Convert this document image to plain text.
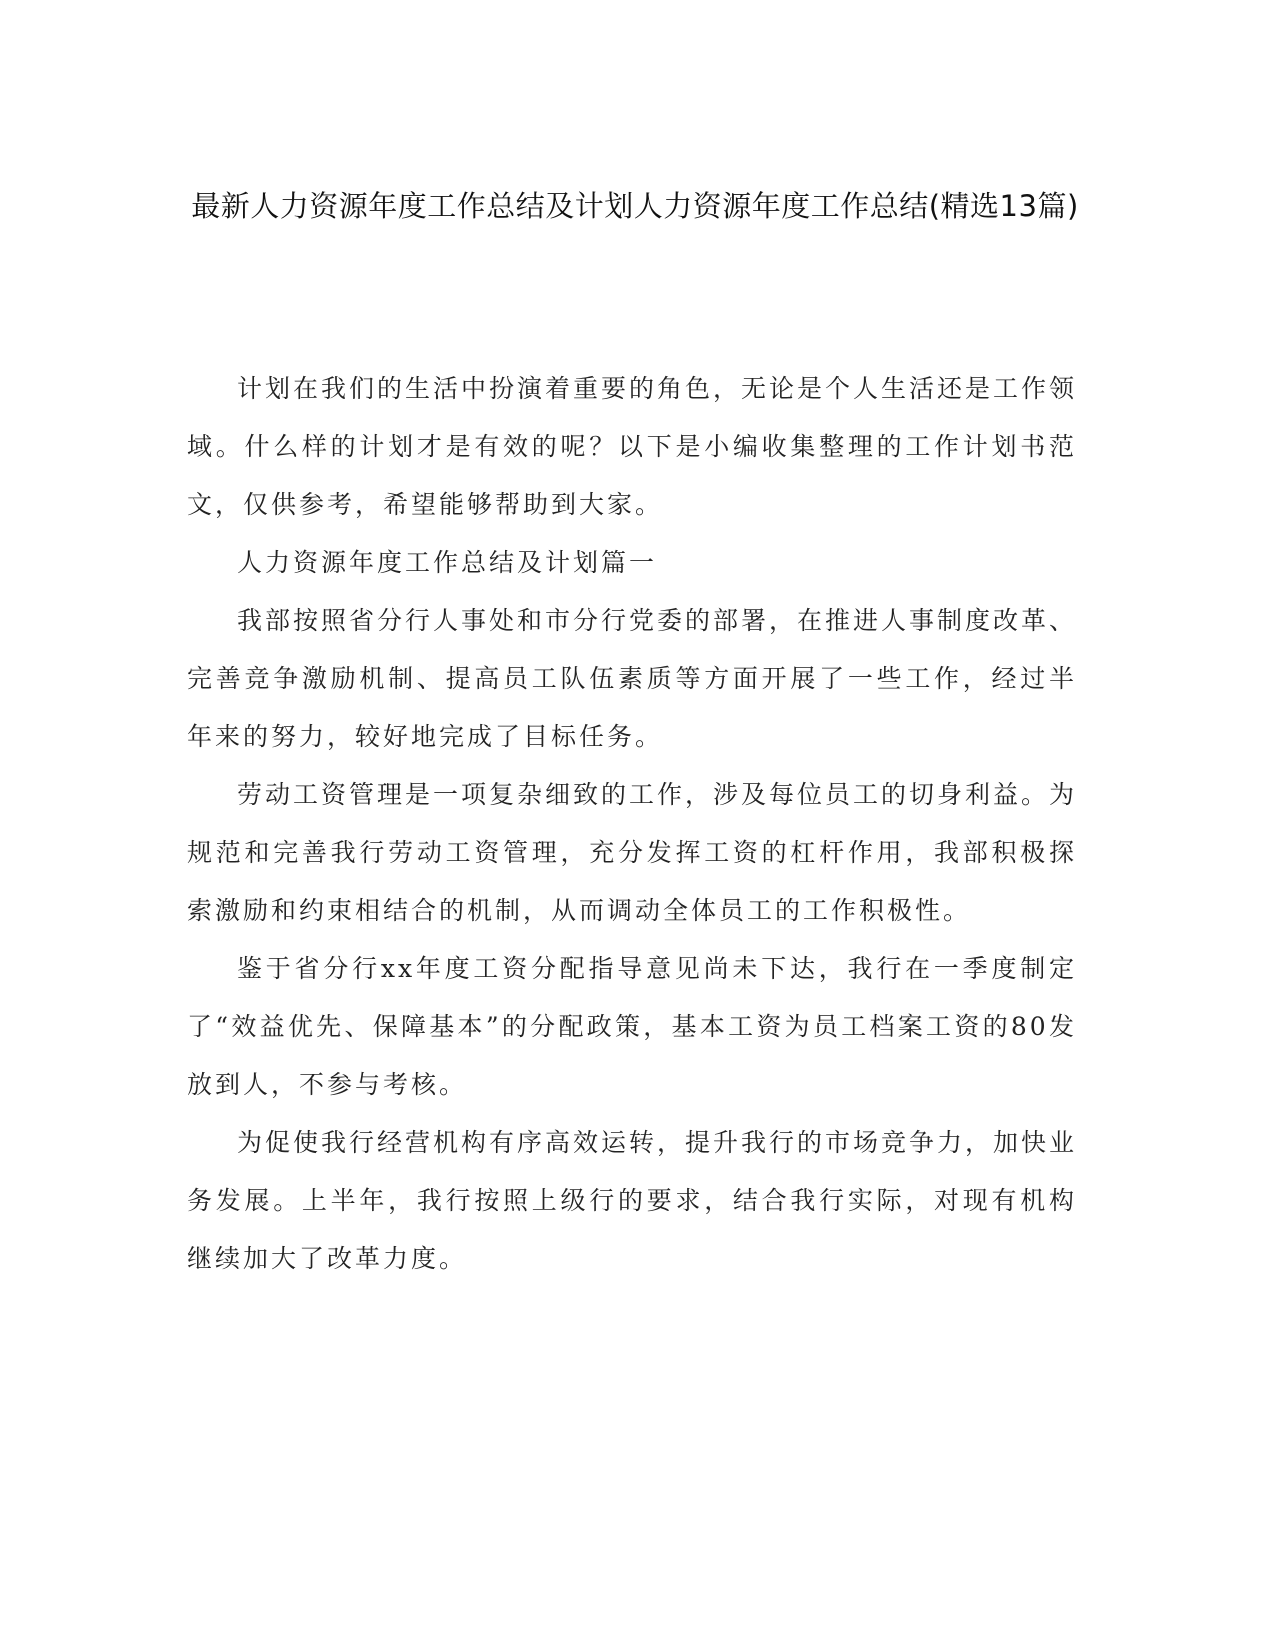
最新人力资源年度工作总结及计划人力资源年度工作总结(精选13篇)

计划在我们的生活中扮演着重要的角色，无论是个人生活还是工作领域。什么样的计划才是有效的呢？以下是小编收集整理的工作计划书范文，仅供参考，希望能够帮助到大家。

人力资源年度工作总结及计划篇一

我部按照省分行人事处和市分行党委的部署，在推进人事制度改革、完善竞争激励机制、提高员工队伍素质等方面开展了一些工作，经过半年来的努力，较好地完成了目标任务。

劳动工资管理是一项复杂细致的工作，涉及每位员工的切身利益。为规范和完善我行劳动工资管理，充分发挥工资的杠杆作用，我部积极探索激励和约束相结合的机制，从而调动全体员工的工作积极性。

鉴于省分行xx年度工资分配指导意见尚未下达，我行在一季度制定了“效益优先、保障基本”的分配政策，基本工资为员工档案工资的80发放到人，不参与考核。

为促使我行经营机构有序高效运转，提升我行的市场竞争力，加快业务发展。上半年，我行按照上级行的要求，结合我行实际，对现有机构继续加大了改革力度。
